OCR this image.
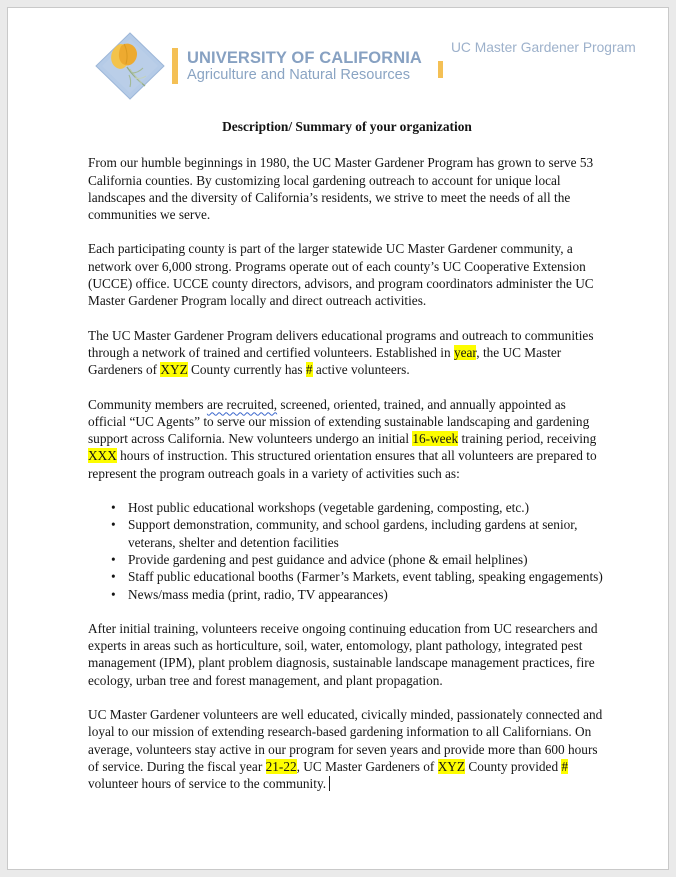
UNIVERSITY OF CALIFORNIA
Agriculture and Natural Resources
UC Master Gardener Program
Description/ Summary of your organization

From our humble beginnings in 1980, the UC Master Gardener Program has grown to serve 53 California counties. By customizing local gardening outreach to account for unique local landscapes and the diversity of California’s residents, we strive to meet the needs of all the communities we serve.

Each participating county is part of the larger statewide UC Master Gardener community, a network over 6,000 strong. Programs operate out of each county’s UC Cooperative Extension (UCCE) office. UCCE county directors, advisors, and program coordinators administer the UC Master Gardener Program locally and direct outreach activities.

The UC Master Gardener Program delivers educational programs and outreach to communities through a network of trained and certified volunteers. Established in year, the UC Master Gardeners of XYZ County currently has # active volunteers.

Community members are recruited, screened, oriented, trained, and annually appointed as official “UC Agents” to serve our mission of extending sustainable landscaping and gardening support across California. New volunteers undergo an initial 16-week training period, receiving XXX hours of instruction. This structured orientation ensures that all volunteers are prepared to represent the program outreach goals in a variety of activities such as:

• Host public educational workshops (vegetable gardening, composting, etc.)
• Support demonstration, community, and school gardens, including gardens at senior, veterans, shelter and detention facilities
• Provide gardening and pest guidance and advice (phone & email helplines)
• Staff public educational booths (Farmer’s Markets, event tabling, speaking engagements)
• News/mass media (print, radio, TV appearances)

After initial training, volunteers receive ongoing continuing education from UC researchers and experts in areas such as horticulture, soil, water, entomology, plant pathology, integrated pest management (IPM), plant problem diagnosis, sustainable landscape management practices, fire ecology, urban tree and forest management, and plant propagation.

UC Master Gardener volunteers are well educated, civically minded, passionately connected and loyal to our mission of extending research-based gardening information to all Californians. On average, volunteers stay active in our program for seven years and provide more than 600 hours of service. During the fiscal year 21-22, UC Master Gardeners of XYZ County provided # volunteer hours of service to the community.
